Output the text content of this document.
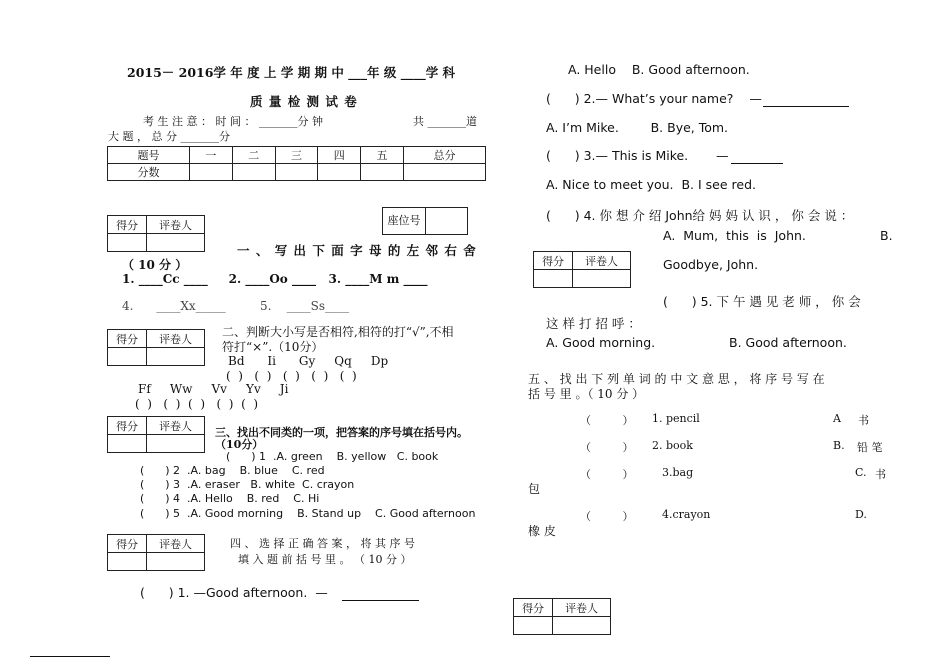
2015－ 2016学 年 度 上 学 期 期 中 ___年 级 ____学 科
质 量 检 测 试 卷
考 生 注 意 ： 时 间 ： _______分 钟	共 _______道
大 题 ， 总 分 _______分
题号	一	二	三	四	五	总分
分数						
座位号	
得分	评卷人

一 、 写 出 下 面 字 母 的 左 邻 右 舍
（ 10 分 ）
1. ____Cc ____     2. ____Oo ____   3. ____M m ____
4.      ____Xx_____         5.    ____Ss____
得分	评卷人
	二、判断大小写是否相符,相符的打“√”,不相
符打“×”.（10分）
Bd      Ii      Gy     Qq     Dp
(  )   (  )   (  )   (  )   (  )
Ff     Ww     Vv     Yv     Ji
(  )   (  )  (  )   (  )  (  )
得分	评卷人
	三、找出不同类的一项，把答案的序号填在括号内。
（10分）
(      ) 1  .A. green    B. yellow   C. book
(      ) 2  .A. bag    B. blue    C. red
(      ) 3  .A. eraser   B. white  C. crayon
(      ) 4  .A. Hello    B. red    C. Hi
(      ) 5  .A. Good morning    B. Stand up    C. Good afternoon
得分	评卷人
		四 、 选 择 正 确 答 案 ， 将 其 序 号
填 入 题 前 括 号 里 。 （ 10 分 ）
(      ) 1. —Good afternoon.  —
A. Hello    B. Good afternoon.
(      ) 2.— What’s your name?    —
A. I’m Mike.        B. Bye, Tom.
(      ) 3.— This is Mike.       —
A. Nice to meet you.  B. I see red.
(      ) 4. 你 想 介 绍 John给 妈 妈 认 识 ， 你 会 说 ：
A.  Mum,  this  is  John.	B.
Goodbye, John.
得分	评卷人

(      ) 5. 下 午 遇 见 老 师 ， 你 会
这 样 打 招 呼 ：
A. Good morning.	B. Good afternoon.
五 、 找 出 下 列 单 词 的 中 文 意 思 ， 将 序 号 写 在
括 号 里 。（ 10 分 ）
（         ） 1. pencil	A 书
（         ） 2. book	B. 铅 笔
（         ）	3.bag	C. 书
包
（         ）	4.crayon	D.
橡 皮
得分	评卷人
